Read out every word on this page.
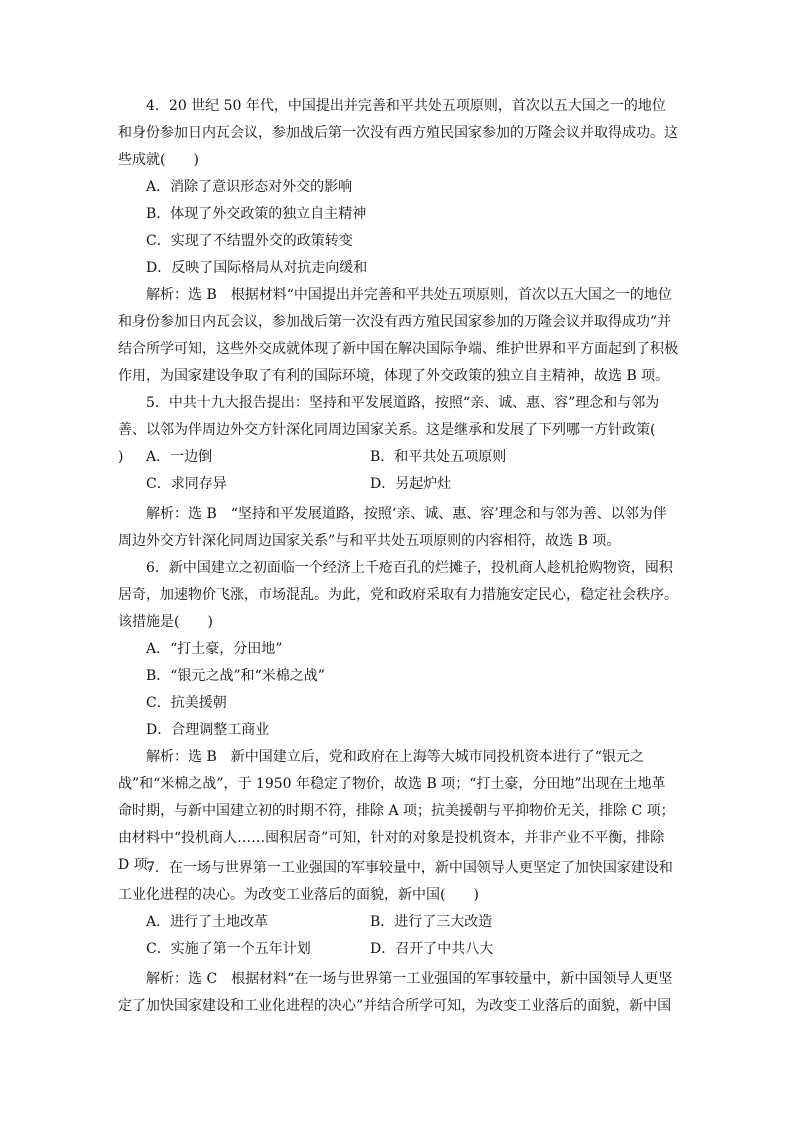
4．20 世纪 50 年代，中国提出并完善和平共处五项原则，首次以五大国之一的地位和身份参加日内瓦会议，参加战后第一次没有西方殖民国家参加的万隆会议并取得成功。这些成就(　　)
A．消除了意识形态对外交的影响
B．体现了外交政策的独立自主精神
C．实现了不结盟外交的政策转变
D．反映了国际格局从对抗走向缓和
解析：选 B　根据材料“中国提出并完善和平共处五项原则，首次以五大国之一的地位和身份参加日内瓦会议，参加战后第一次没有西方殖民国家参加的万隆会议并取得成功”并结合所学可知，这些外交成就体现了新中国在解决国际争端、维护世界和平方面起到了积极作用，为国家建设争取了有利的国际环境，体现了外交政策的独立自主精神，故选 B 项。
5．中共十九大报告提出：坚持和平发展道路，按照“亲、诚、惠、容”理念和与邻为善、以邻为伴周边外交方针深化同周边国家关系。这是继承和发展了下列哪一方针政策(　　)	A．一边倒	B．和平共处五项原则
C．求同存异	D．另起炉灶
解析：选 B　“坚持和平发展道路，按照‘亲、诚、惠、容’理念和与邻为善、以邻为伴周边外交方针深化同周边国家关系”与和平共处五项原则的内容相符，故选 B 项。
6．新中国建立之初面临一个经济上千疮百孔的烂摊子，投机商人趁机抢购物资，囤积居奇，加速物价飞涨，市场混乱。为此，党和政府采取有力措施安定民心，稳定社会秩序。该措施是(　　)
A．“打土豪，分田地”
B．“银元之战”和“米棉之战”
C．抗美援朝
D．合理调整工商业
解析：选 B　新中国建立后，党和政府在上海等大城市同投机资本进行了“银元之战”和“米棉之战”，于 1950 年稳定了物价，故选 B 项；“打土豪，分田地”出现在土地革命时期，与新中国建立初的时期不符，排除 A 项；抗美援朝与平抑物价无关，排除 C 项；由材料中“投机商人……囤积居奇”可知，针对的对象是投机资本，并非产业不平衡，排除 D 项。
7．在一场与世界第一工业强国的军事较量中，新中国领导人更坚定了加快国家建设和工业化进程的决心。为改变工业落后的面貌，新中国(　　)
A．进行了土地改革	B．进行了三大改造
C．实施了第一个五年计划	D．召开了中共八大
解析：选 C　根据材料“在一场与世界第一工业强国的军事较量中，新中国领导人更坚定了加快国家建设和工业化进程的决心”并结合所学可知，为改变工业落后的面貌，新中国
